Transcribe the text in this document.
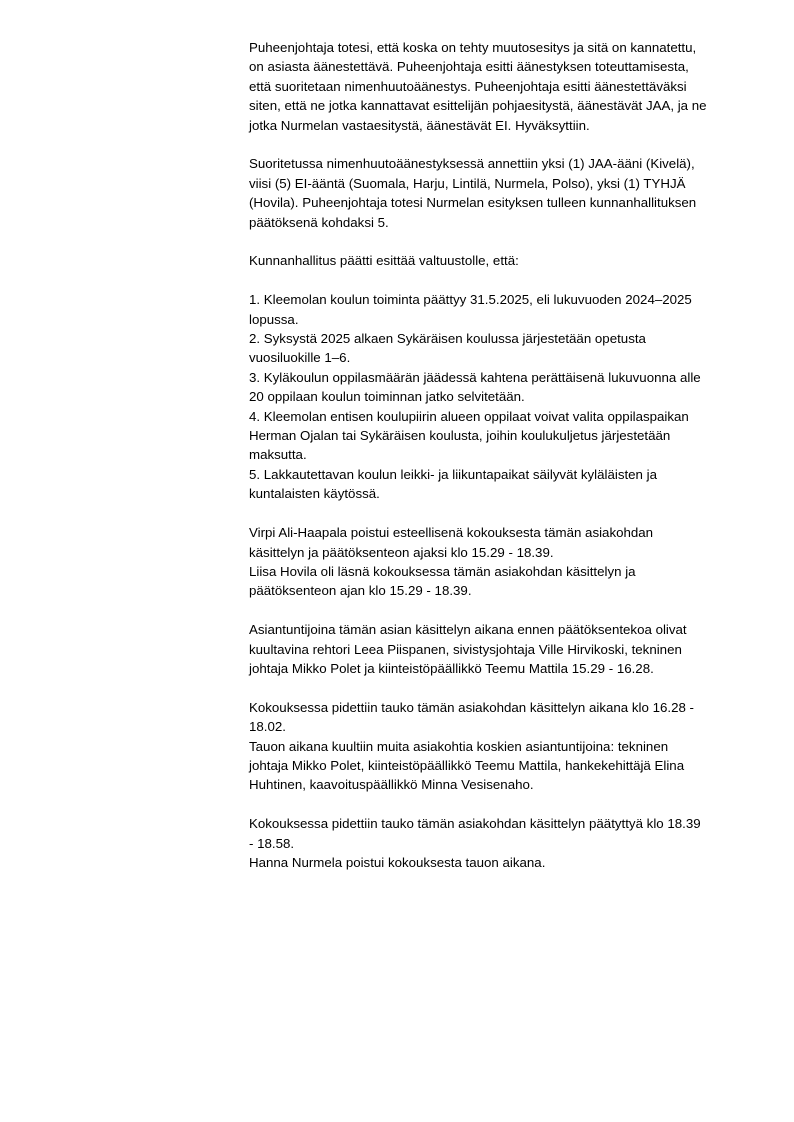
Puheenjohtaja totesi, että koska on tehty muutosesitys ja sitä on kannatettu,
on asiasta äänestettävä. Puheenjohtaja esitti äänestyksen toteuttamisesta,
että suoritetaan nimenhuutoäänestys. Puheenjohtaja esitti äänestettäväksi
siten, että ne jotka kannattavat esittelijän pohjaesitystä, äänestävät JAA, ja ne
jotka Nurmelan vastaesitystä, äänestävät EI. Hyväksyttiin.
Suoritetussa nimenhuutoäänestyksessä annettiin yksi (1) JAA-ääni (Kivelä),
viisi (5) EI-ääntä (Suomala, Harju, Lintilä, Nurmela, Polso), yksi (1) TYHJÄ
(Hovila). Puheenjohtaja totesi Nurmelan esityksen tulleen kunnanhallituksen
päätöksenä kohdaksi 5.
Kunnanhallitus päätti esittää valtuustolle, että:
1. Kleemolan koulun toiminta päättyy 31.5.2025, eli lukuvuoden 2024–2025
lopussa.
2. Syksystä 2025 alkaen Sykäräisen koulussa järjestetään opetusta
vuosiluokille 1–6.
3. Kyläkoulun oppilasmäärän jäädessä kahtena perättäisenä lukuvuonna alle
20 oppilaan koulun toiminnan jatko selvitetään.
4. Kleemolan entisen koulupiirin alueen oppilaat voivat valita oppilaspaikan
Herman Ojalan tai Sykäräisen koulusta, joihin koulukuljetus järjestetään
maksutta.
5. Lakkautettavan koulun leikki- ja liikuntapaikat säilyvät kyläläisten ja
kuntalaisten käytössä.
Virpi Ali-Haapala poistui esteellisenä kokouksesta tämän asiakohdan
käsittelyn ja päätöksenteon ajaksi klo 15.29 - 18.39.
Liisa Hovila oli läsnä kokouksessa tämän asiakohdan käsittelyn ja
päätöksenteon ajan klo 15.29 - 18.39.
Asiantuntijoina tämän asian käsittelyn aikana ennen päätöksentekoa olivat
kuultavina rehtori Leea Piispanen, sivistysjohtaja Ville Hirvikoski, tekninen
johtaja Mikko Polet ja kiinteistöpäällikkö Teemu Mattila 15.29 - 16.28.
Kokouksessa pidettiin tauko tämän asiakohdan käsittelyn aikana klo 16.28 -
18.02.
Tauon aikana kuultiin muita asiakohtia koskien asiantuntijoina: tekninen
johtaja Mikko Polet, kiinteistöpäällikkö Teemu Mattila, hankekehittäjä Elina
Huhtinen, kaavoituspäällikkö Minna Vesisenaho.
Kokouksessa pidettiin tauko tämän asiakohdan käsittelyn päätyttyä klo 18.39
- 18.58.
Hanna Nurmela poistui kokouksesta tauon aikana.
